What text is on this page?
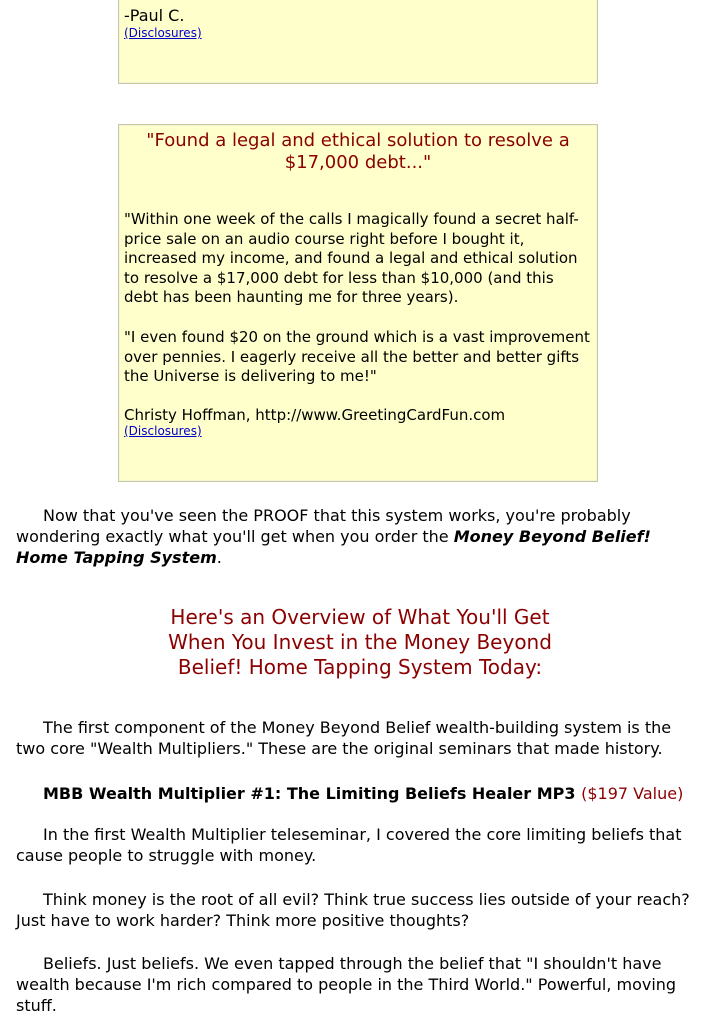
-Paul C.

(Disclosures)
"Found a legal and ethical solution to resolve a $17,000 debt..."

"Within one week of the calls I magically found a secret half-price sale on an audio course right before I bought it, increased my income, and found a legal and ethical solution to resolve a $17,000 debt for less than $10,000 (and this debt has been haunting me for three years).

"I even found $20 on the ground which is a vast improvement over pennies. I eagerly receive all the better and better gifts the Universe is delivering to me!"

Christy Hoffman, http://www.GreetingCardFun.com

(Disclosures)

Now that you've seen the PROOF that this system works, you're probably wondering exactly what you'll get when you order the Money Beyond Belief! Home Tapping System.

Here's an Overview of What You'll Get
When You Invest in the Money Beyond
Belief! Home Tapping System Today:

The first component of the Money Beyond Belief wealth-building system is the two core "Wealth Multipliers." These are the original seminars that made history.

MBB Wealth Multiplier #1: The Limiting Beliefs Healer MP3 ($197 Value)

In the first Wealth Multiplier teleseminar, I covered the core limiting beliefs that cause people to struggle with money.

Think money is the root of all evil? Think true success lies outside of your reach? Just have to work harder? Think more positive thoughts?

Beliefs. Just beliefs. We even tapped through the belief that "I shouldn't have wealth because I'm rich compared to people in the Third World." Powerful, moving stuff.
